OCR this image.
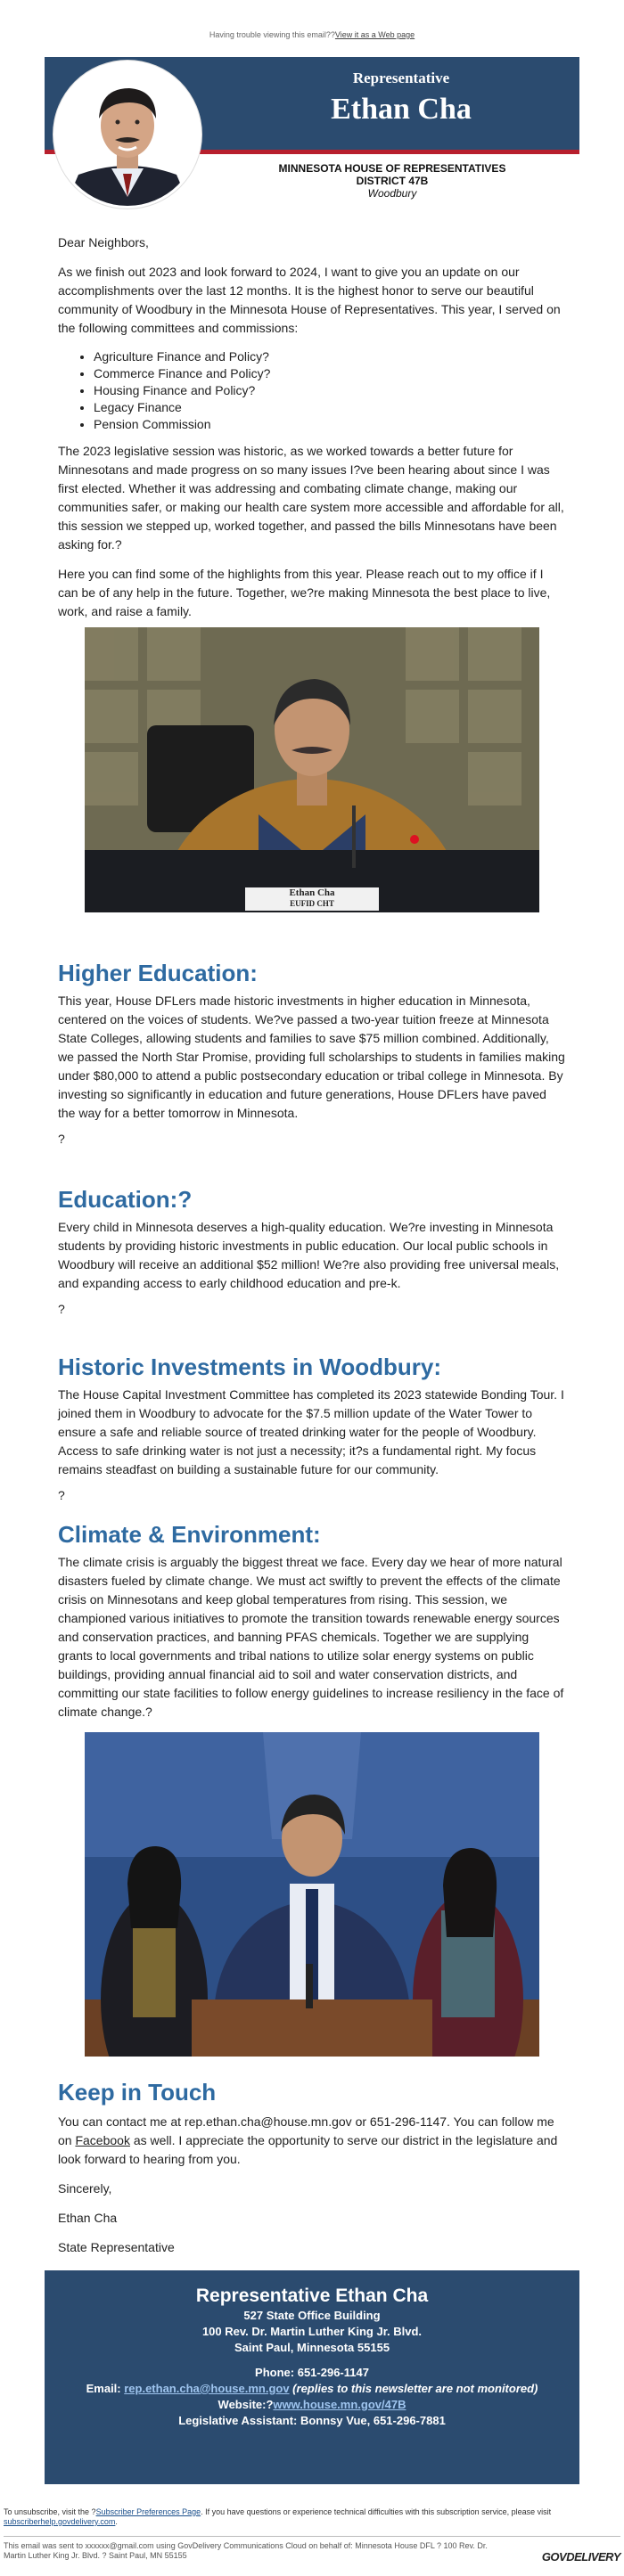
Having trouble viewing this email??View it as a Web page
Representative
Ethan Cha
MINNESOTA HOUSE OF REPRESENTATIVES
DISTRICT 47B
Woodbury

Dear Neighbors,

As we finish out 2023 and look forward to 2024, I want to give you an update on our accomplishments over the last 12 months. It is the highest honor to serve our beautiful community of Woodbury in the Minnesota House of Representatives. This year, I served on the following committees and commissions:

• Agriculture Finance and Policy?
• Commerce Finance and Policy?
• Housing Finance and Policy?
• Legacy Finance
• Pension Commission

The 2023 legislative session was historic, as we worked towards a better future for Minnesotans and made progress on so many issues I?ve been hearing about since I was first elected. Whether it was addressing and combating climate change, making our communities safer, or making our health care system more accessible and affordable for all, this session we stepped up, worked together, and passed the bills Minnesotans have been asking for.?

Here you can find some of the highlights from this year. Please reach out to my office if I can be of any help in the future. Together, we?re making Minnesota the best place to live, work, and raise a family.

Ethan Cha
EUFID CHT
Higher Education:

This year, House DFLers made historic investments in higher education in Minnesota, centered on the voices of students. We?ve passed a two-year tuition freeze at Minnesota State Colleges, allowing students and families to save $75 million combined. Additionally, we passed the North Star Promise, providing full scholarships to students in families making under $80,000 to attend a public postsecondary education or tribal college in Minnesota. By investing so significantly in education and future generations, House DFLers have paved the way for a better tomorrow in Minnesota.

?

Education:?

Every child in Minnesota deserves a high-quality education. We?re investing in Minnesota students by providing historic investments in public education. Our local public schools in Woodbury will receive an additional $52 million! We?re also providing free universal meals, and expanding access to early childhood education and pre-k.

?

Historic Investments in Woodbury:

The House Capital Investment Committee has completed its 2023 statewide Bonding Tour. I joined them in Woodbury to advocate for the $7.5 million update of the Water Tower to ensure a safe and reliable source of treated drinking water for the people of Woodbury. Access to safe drinking water is not just a necessity; it?s a fundamental right. My focus remains steadfast on building a sustainable future for our community.

?

Climate & Environment:

The climate crisis is arguably the biggest threat we face. Every day we hear of more natural disasters fueled by climate change. We must act swiftly to prevent the effects of the climate crisis on Minnesotans and keep global temperatures from rising. This session, we championed various initiatives to promote the transition towards renewable energy sources and conservation practices, and banning PFAS chemicals. Together we are supplying grants to local governments and tribal nations to utilize solar energy systems on public buildings, providing annual financial aid to soil and water conservation districts, and committing our state facilities to follow energy guidelines to increase resiliency in the face of climate change.?

Keep in Touch

You can contact me at rep.ethan.cha@house.mn.gov or 651-296-1147. You can follow me on Facebook as well. I appreciate the opportunity to serve our district in the legislature and look forward to hearing from you.

Sincerely,

Ethan Cha

State Representative

Representative Ethan Cha
527 State Office Building
100 Rev. Dr. Martin Luther King Jr. Blvd.
Saint Paul, Minnesota 55155
Phone: 651-296-1147
Email: rep.ethan.cha@house.mn.gov (replies to this newsletter are not monitored)
Website:?www.house.mn.gov/47B
Legislative Assistant: Bonnsy Vue, 651-296-7881
To unsubscribe, visit the ?Subscriber Preferences Page. If you have questions or experience technical difficulties with this subscription service, please visit subscriberhelp.govdelivery.com.
This email was sent to xxxxxx@gmail.com using GovDelivery Communications Cloud on behalf of: Minnesota House DFL ? 100 Rev. Dr. Martin Luther King Jr. Blvd. ? Saint Paul, MN 55155	GOVDELIVERY
